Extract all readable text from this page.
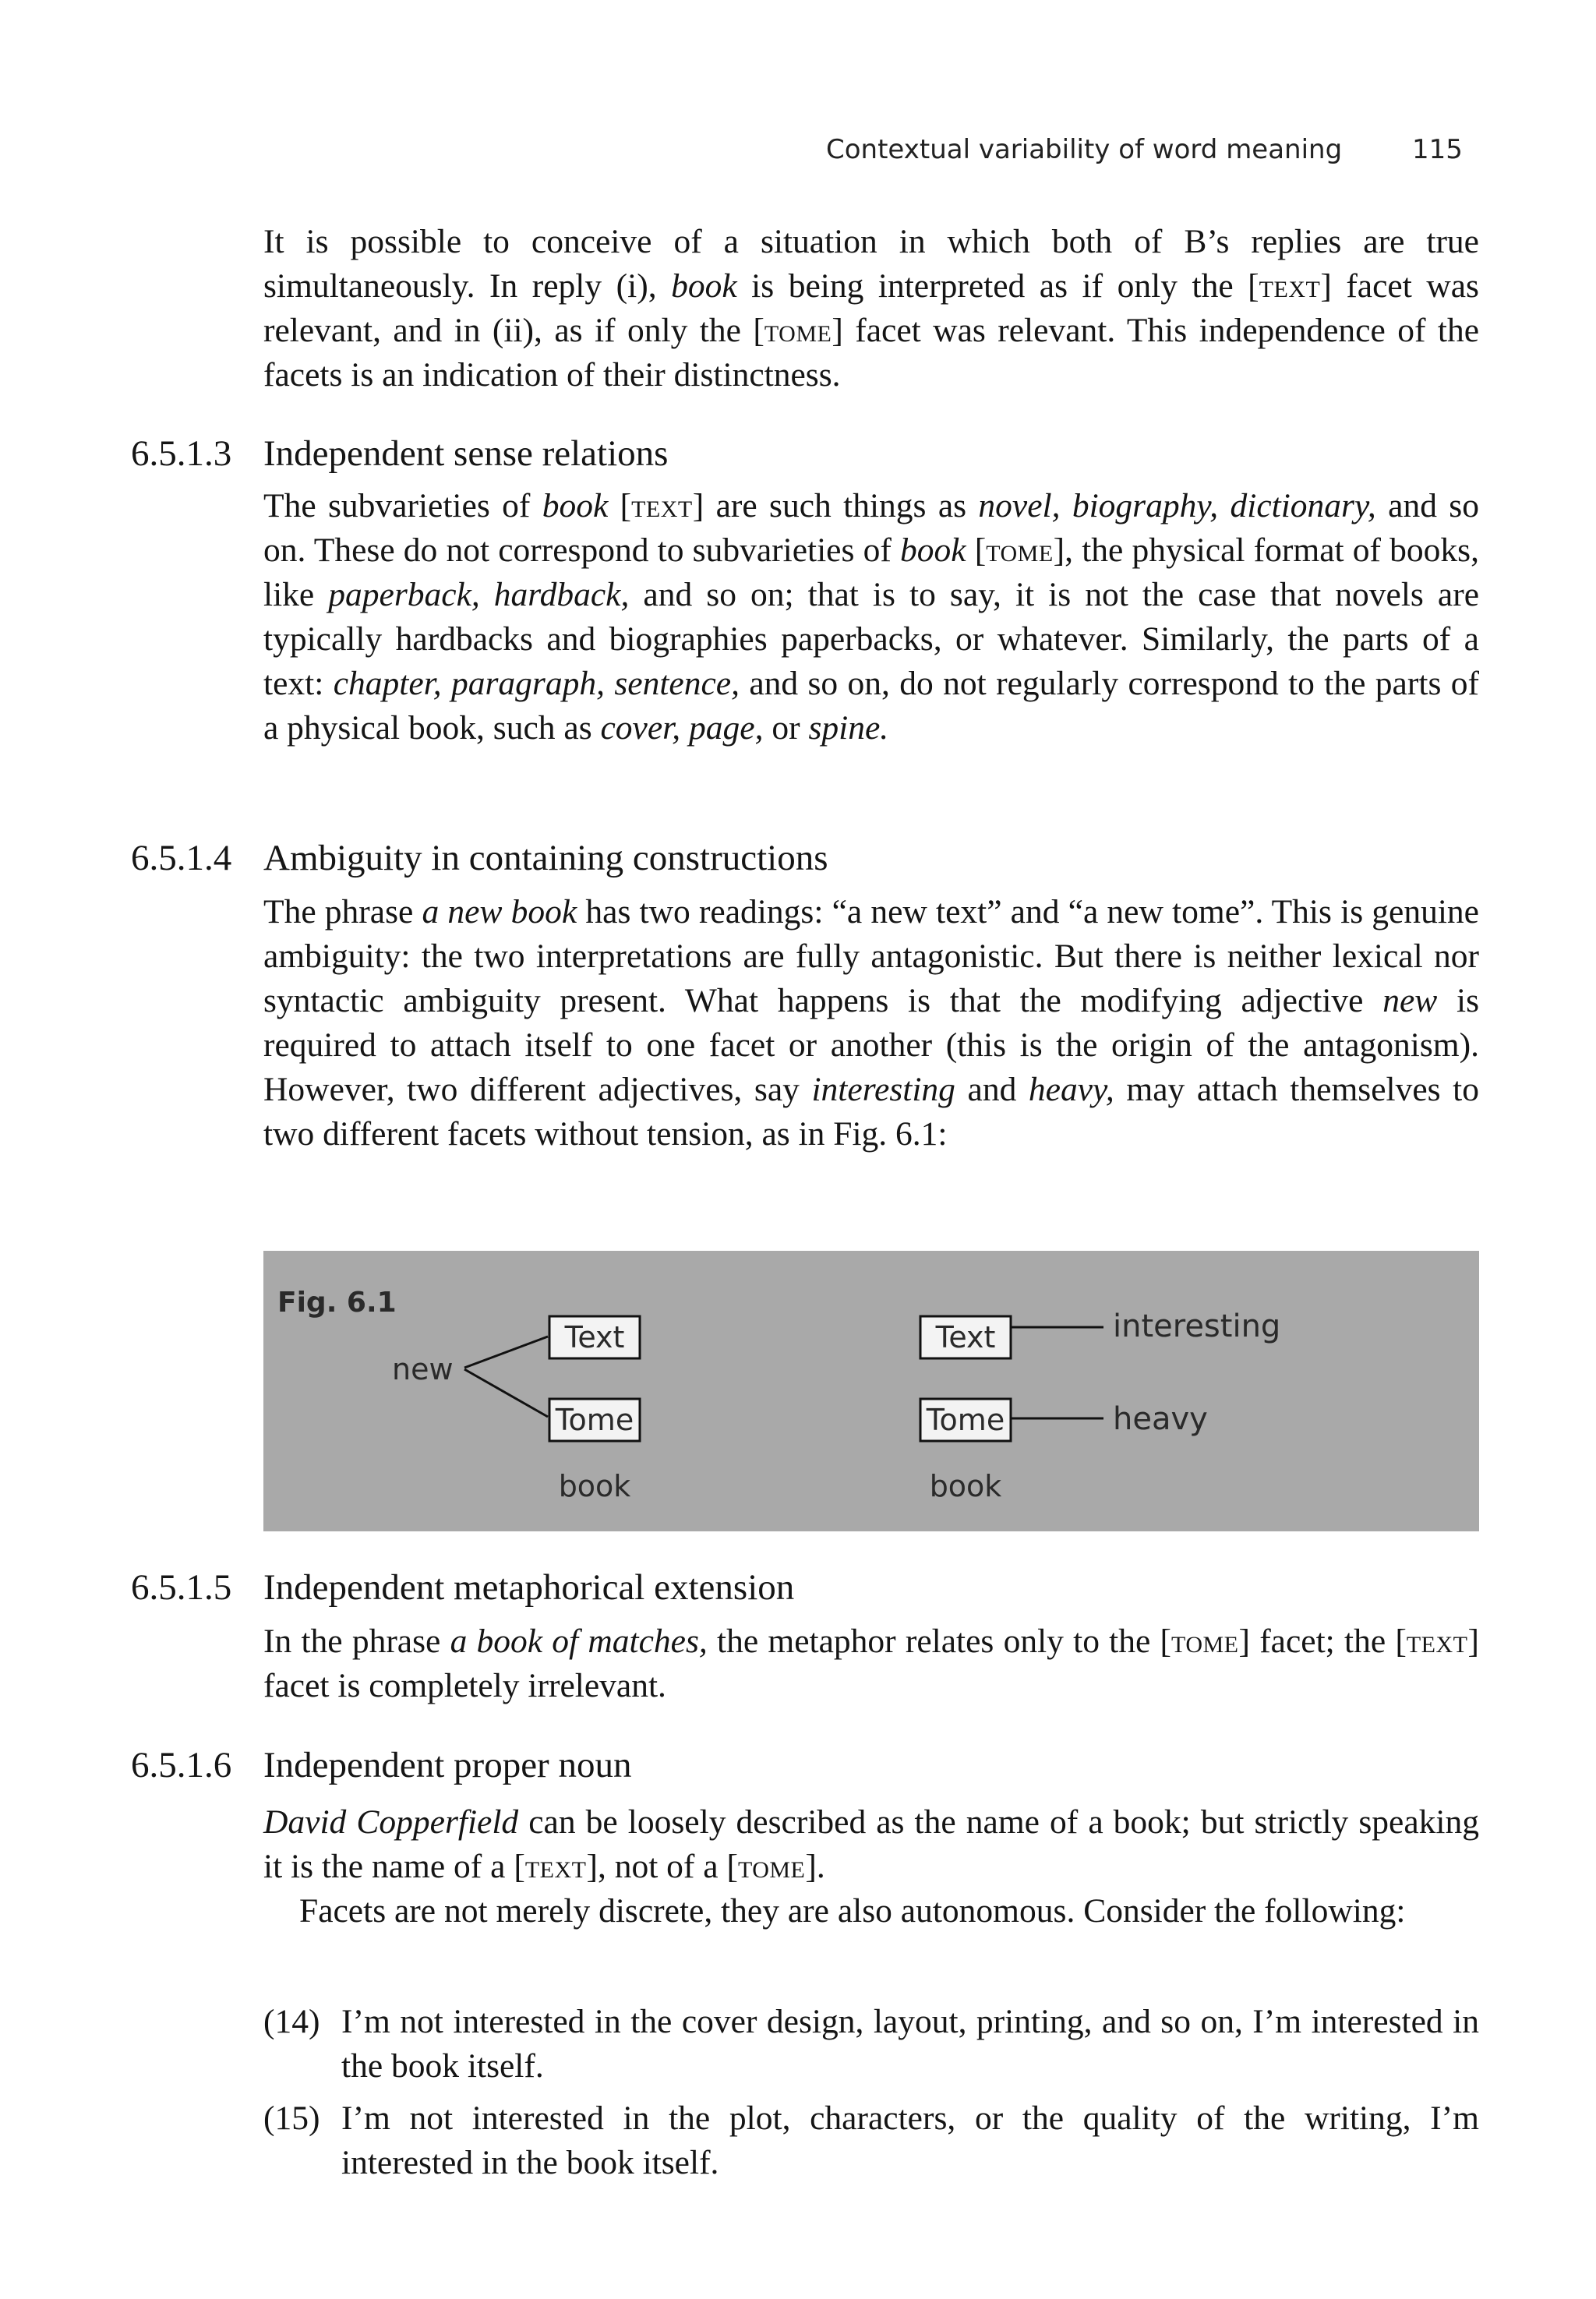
Contextual variability of word meaning	115

It is possible to conceive of a situation in which both of B’s replies are true simultaneously. In reply (i), book is being interpreted as if only the [text] facet was relevant, and in (ii), as if only the [tome] facet was relevant. This independence of the facets is an indication of their distinctness.

6.5.1.3 Independent sense relations

The subvarieties of book [text] are such things as novel, biography, dictionary, and so on. These do not correspond to subvarieties of book [tome], the physical format of books, like paperback, hardback, and so on; that is to say, it is not the case that novels are typically hardbacks and biographies paperbacks, or whatever. Similarly, the parts of a text: chapter, paragraph, sentence, and so on, do not regularly correspond to the parts of a physical book, such as cover, page, or spine.

6.5.1.4 Ambiguity in containing constructions

The phrase a new book has two readings: “a new text” and “a new tome”. This is genuine ambiguity: the two interpretations are fully antagonistic. But there is neither lexical nor syntactic ambiguity present. What happens is that the modifying adjective new is required to attach itself to one facet or another (this is the origin of the antagonism). However, two different adjectives, say interesting and heavy, may attach themselves to two different facets without tension, as in Fig. 6.1:

Fig. 6.1
new
Text
Tome
book
Text
Tome
book
interesting
heavy
6.5.1.5 Independent metaphorical extension

In the phrase a book of matches, the metaphor relates only to the [tome] facet; the [text] facet is completely irrelevant.

6.5.1.6 Independent proper noun

David Copperfield can be loosely described as the name of a book; but strictly speaking it is the name of a [text], not of a [tome].

Facets are not merely discrete, they are also autonomous. Consider the following:

(14) I’m not interested in the cover design, layout, printing, and so on, I’m interested in the book itself.
(15) I’m not interested in the plot, characters, or the quality of the writing, I’m interested in the book itself.
